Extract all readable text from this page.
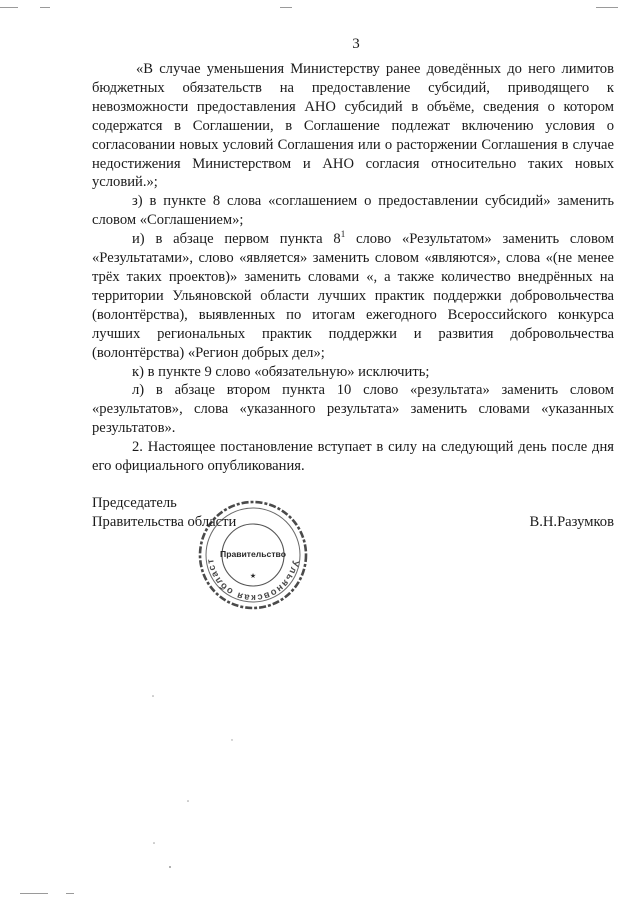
3

«В случае уменьшения Министерству ранее доведённых до него лимитов бюджетных обязательств на предоставление субсидий, приводящего к невозможности предоставления АНО субсидий в объёме, сведения о котором содержатся в Соглашении, в Соглашение подлежат включению условия о согласовании новых условий Соглашения или о расторжении Соглашения в случае недостижения Министерством и АНО согласия относительно таких новых условий.»;

з) в пункте 8 слова «соглашением о предоставлении субсидий» заменить словом «Соглашением»;

и) в абзаце первом пункта $8^1$ слово «Результатом» заменить словом «Результатами», слово «является» заменить словом «являются», слова «(не менее трёх таких проектов)» заменить словами «, а также количество внедрённых на территории Ульяновской области лучших практик поддержки добровольчества (волонтёрства), выявленных по итогам ежегодного Всероссийского конкурса лучших региональных практик поддержки и развития добровольчества (волонтёрства) «Регион добрых дел»;

к) в пункте 9 слово «обязательную» исключить;

л) в абзаце втором пункта 10 слово «результата» заменить словом «результатов», слова «указанного результата» заменить словами «указанных результатов».

2. Настоящее постановление вступает в силу на следующий день после дня его официального опубликования.

Председатель
Правительства области	В.Н.Разумков
Ульяновская област
Правительство
★
